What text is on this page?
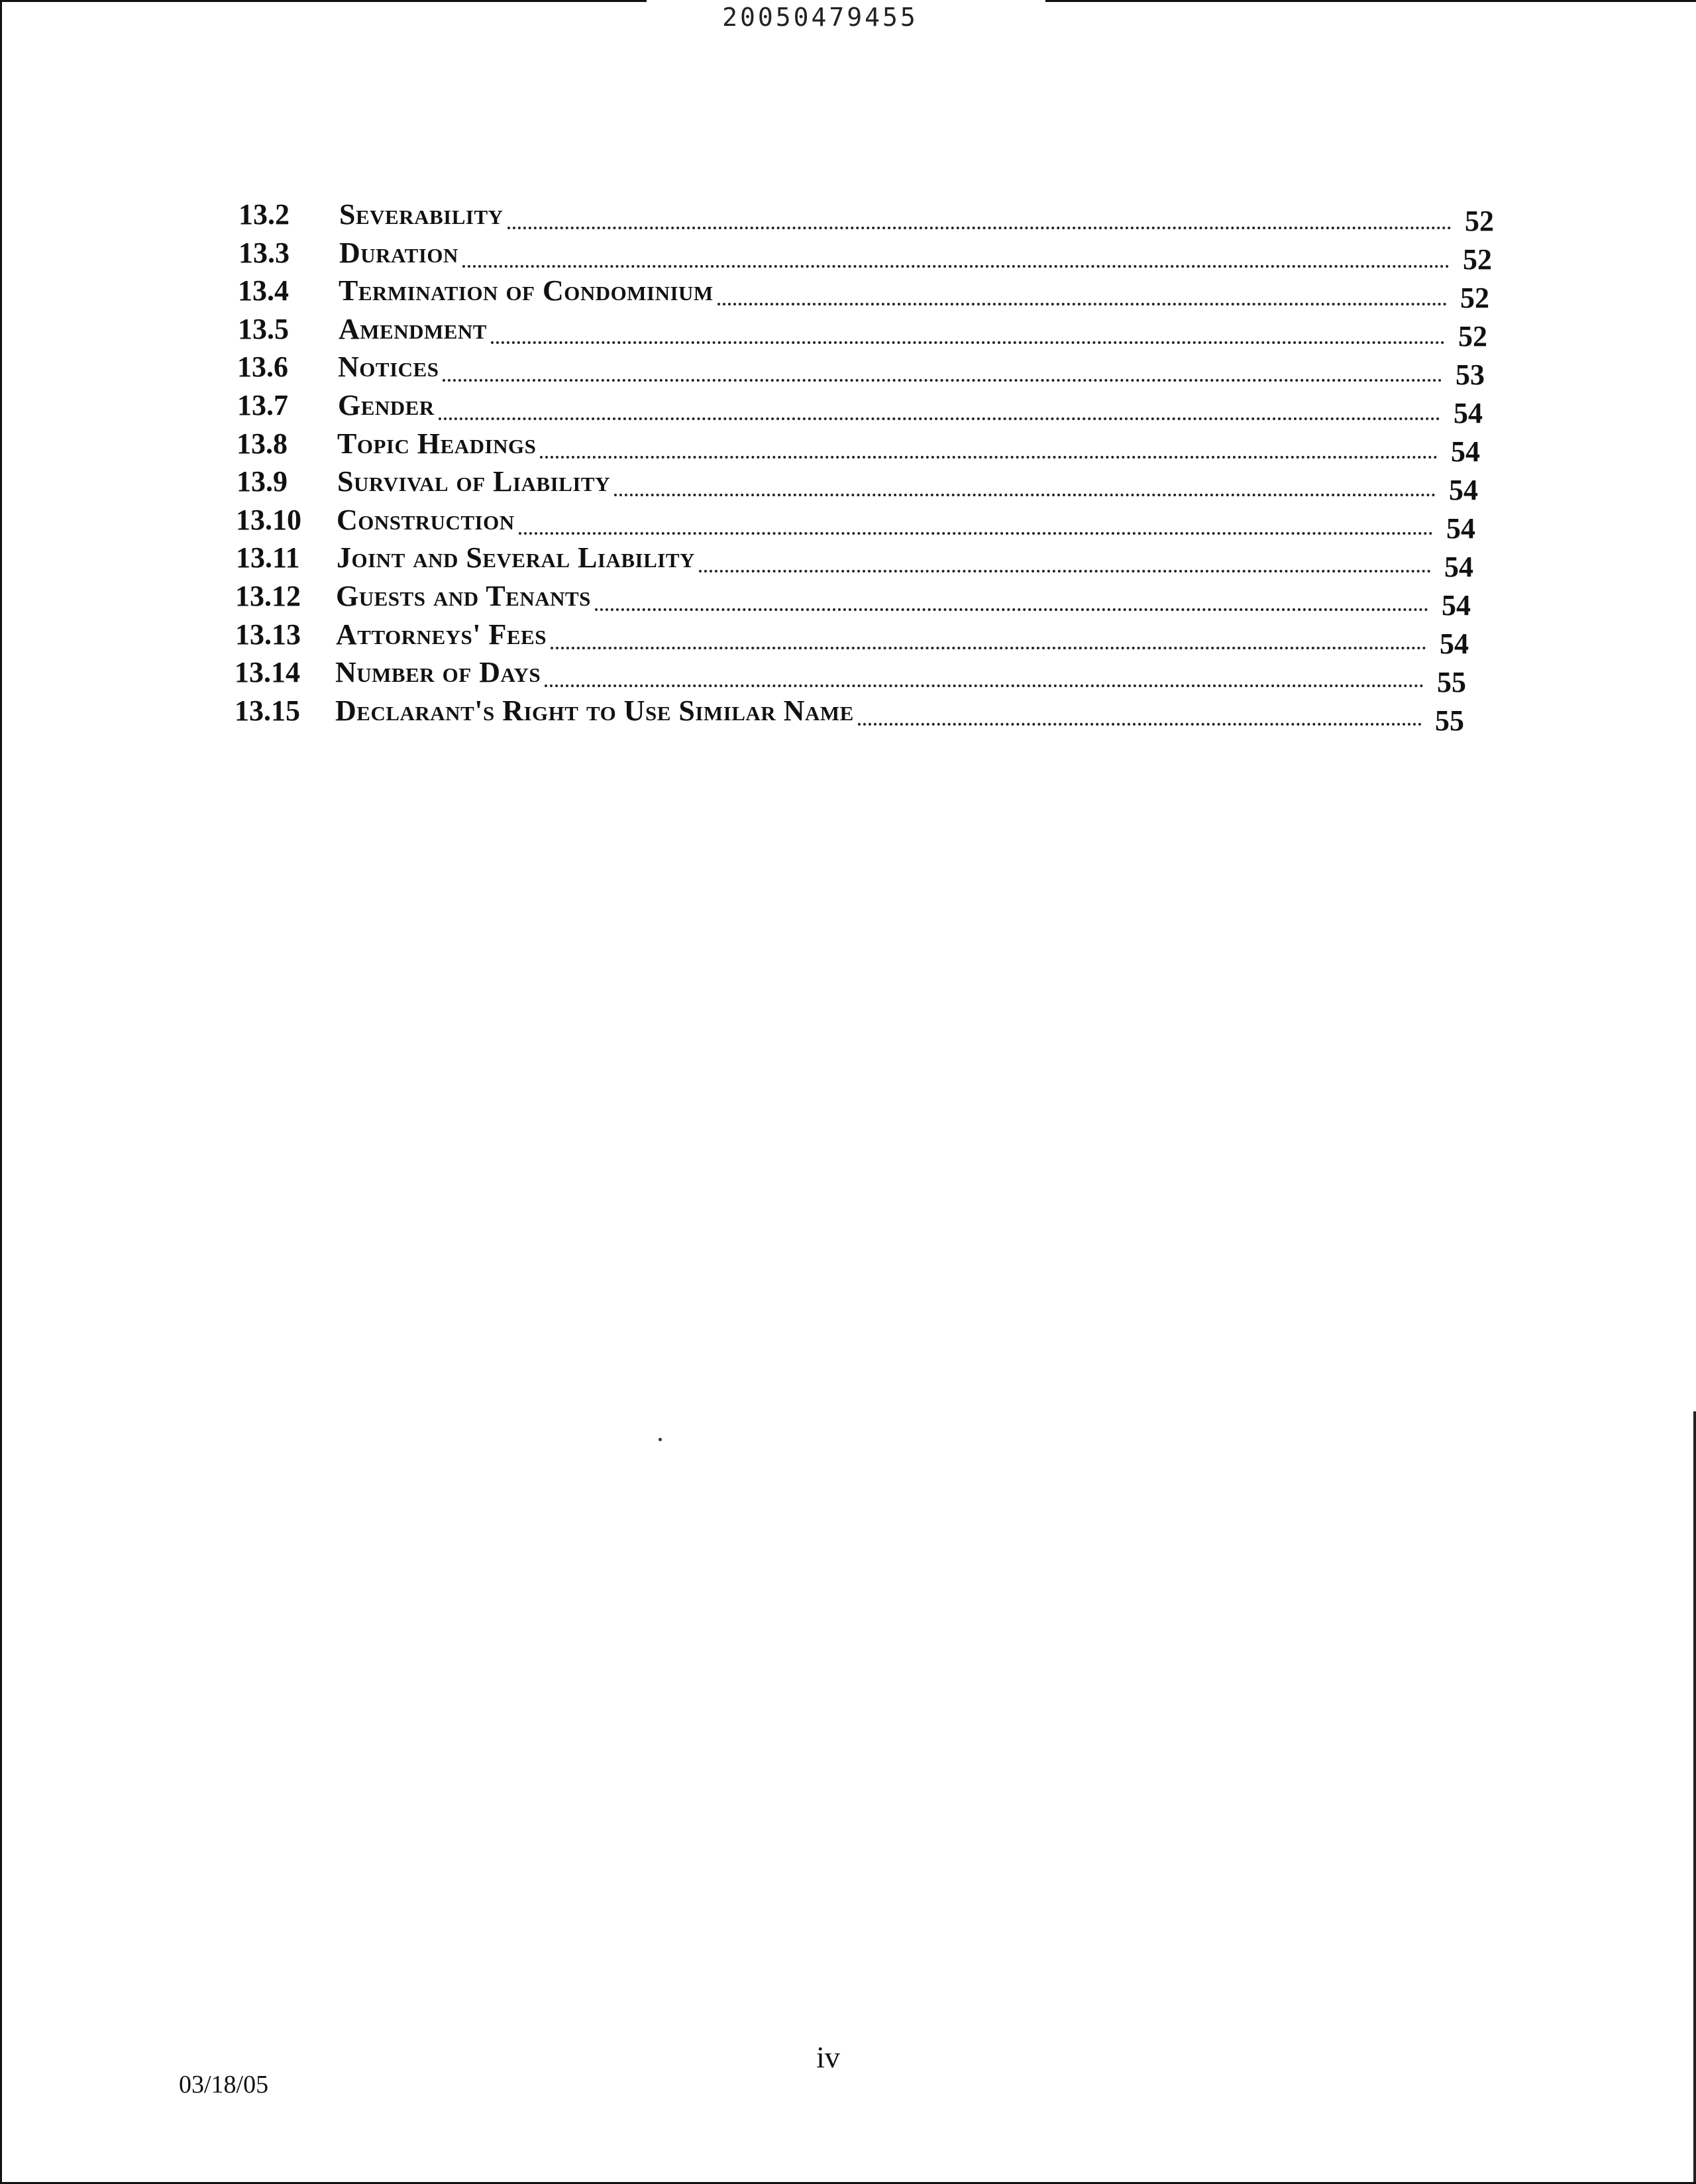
20050479455
13.2	Severability	52
13.3	Duration	52
13.4	Termination of Condominium	52
13.5	Amendment	52
13.6	Notices	53
13.7	Gender	54
13.8	Topic Headings	54
13.9	Survival of Liability	54
13.10	Construction	54
13.11	Joint and Several Liability	54
13.12	Guests and Tenants	54
13.13	Attorneys' Fees	54
13.14	Number of Days	55
13.15	Declarant's Right to Use Similar Name	55
iv
03/18/05
